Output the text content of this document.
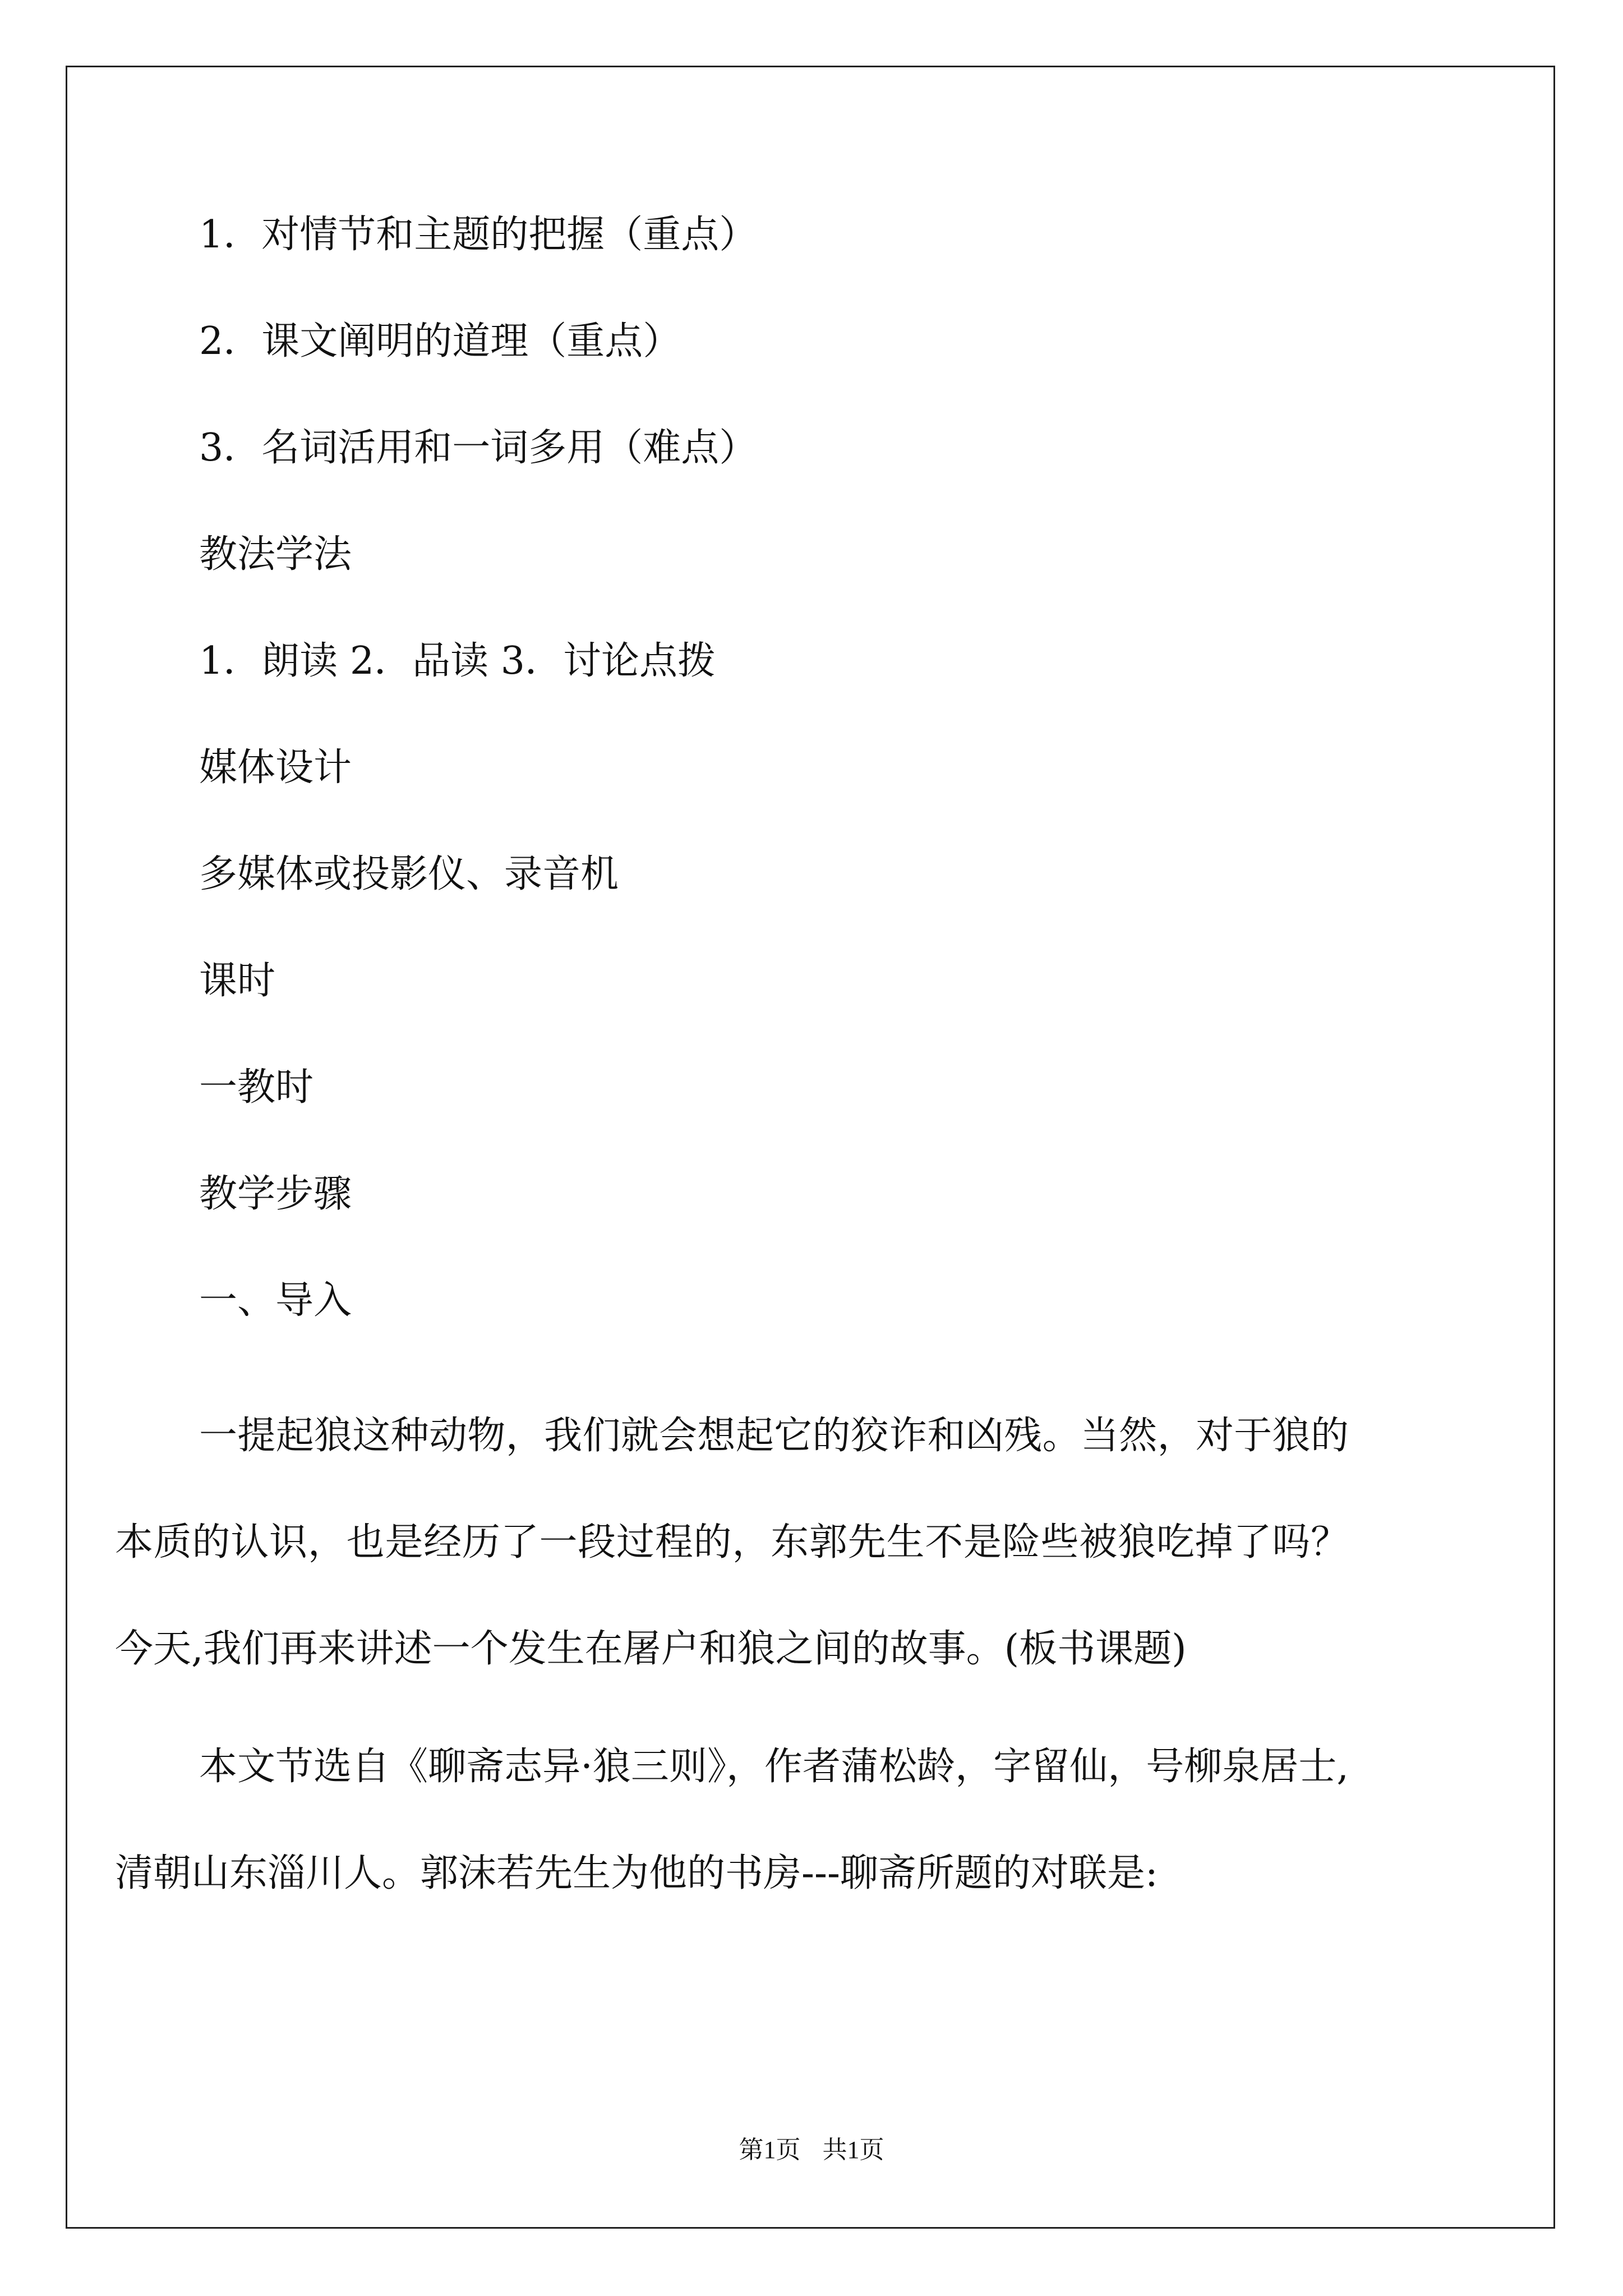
1．对情节和主题的把握（重点）
2．课文阐明的道理（重点）
3．名词活用和一词多用（难点）
教法学法
1．朗读 2．品读 3．讨论点拨
媒体设计
多媒体或投影仪、录音机
课时
一教时
教学步骤
一、导入
一提起狼这种动物，我们就会想起它的狡诈和凶残。当然，对于狼的本质的认识，也是经历了一段过程的，东郭先生不是险些被狼吃掉了吗？今天,我们再来讲述一个发生在屠户和狼之间的故事。(板书课题)
本文节选自《聊斋志异·狼三则》，作者蒲松龄，字留仙，号柳泉居士,清朝山东淄川人。郭沫若先生为他的书房---聊斋所题的对联是:
第1页 共1页
